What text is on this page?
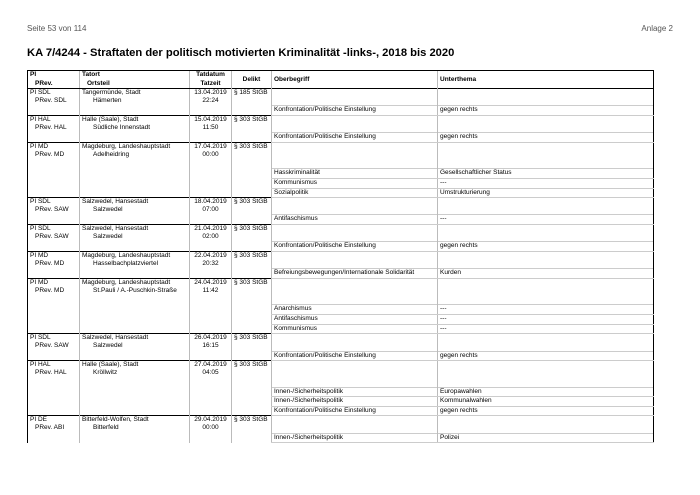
Seite 53 von 114	Anlage 2
KA 7/4244 - Straftaten der politisch motivierten Kriminalität -links-, 2018 bis 2020
PI	Tatort	Tatdatum	Delikt	Oberbegriff	Unterthema
PRev.	Ortsteil	Tatzeit			
PI SDL	Tangermünde, Stadt	13.04.2019	§ 185 StGB		
PRev. SDL	Hämerten	22:24			
				Konfrontation/Politische Einstellung	gegen rechts
PI HAL	Halle (Saale), Stadt	15.04.2019	§ 303 StGB		
PRev. HAL	Südliche Innenstadt	11:50			
				Konfrontation/Politische Einstellung	gegen rechts
PI MD	Magdeburg, Landeshauptstadt	17.04.2019	§ 303 StGB		
PRev. MD	Adelheidring	00:00			

				Hasskriminalität	Gesellschaftlicher Status
				Kommunismus	---
				Sozialpolitik	Umstrukturierung
PI SDL	Salzwedel, Hansestadt	18.04.2019	§ 303 StGB		
PRev. SAW	Salzwedel	07:00			
				Antifaschismus	---
PI SDL	Salzwedel, Hansestadt	21.04.2019	§ 303 StGB		
PRev. SAW	Salzwedel	02:00			
				Konfrontation/Politische Einstellung	gegen rechts
PI MD	Magdeburg, Landeshauptstadt	22.04.2019	§ 303 StGB		
PRev. MD	Hasselbachplatzviertel	20:32			
				Befreiungsbewegungen/Internationale Solidarität	Kurden
PI MD	Magdeburg, Landeshauptstadt	24.04.2019	§ 303 StGB		
PRev. MD	St.Pauli / A.-Puschkin-Straße	11:42			

				Anarchismus	---
				Antifaschismus	---
				Kommunismus	---
PI SDL	Salzwedel, Hansestadt	26.04.2019	§ 303 StGB		
PRev. SAW	Salzwedel	16:15			
				Konfrontation/Politische Einstellung	gegen rechts
PI HAL	Halle (Saale), Stadt	27.04.2019	§ 303 StGB		
PRev. HAL	Kröllwitz	04:05			

				Innen-/Sicherheitspolitik	Europawahlen
				Innen-/Sicherheitspolitik	Kommunalwahlen
				Konfrontation/Politische Einstellung	gegen rechts
PI DE	Bitterfeld-Wolfen, Stadt	29.04.2019	§ 303 StGB		
PRev. ABI	Bitterfeld	00:00			
				Innen-/Sicherheitspolitik	Polizei
